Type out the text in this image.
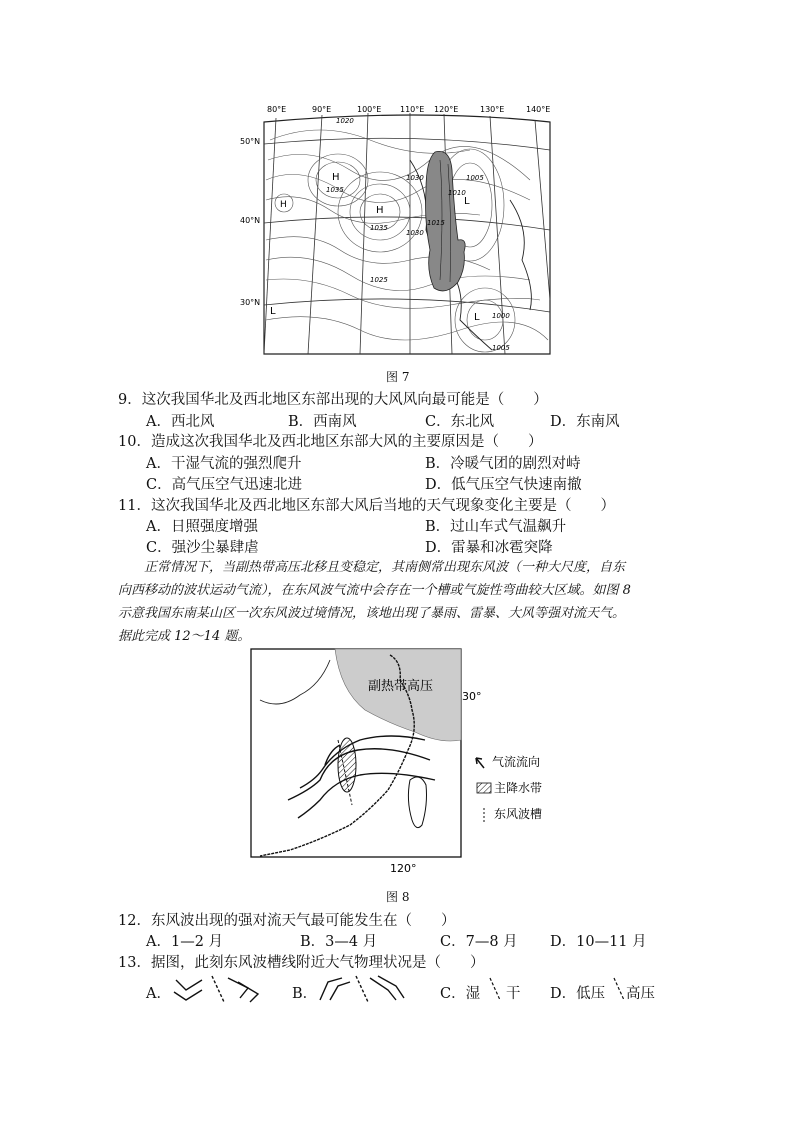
80°E	90°E	100°E 110°E 120°E	130°E	140°E
50°N
40°N
30°N
1020
1035
1035
1030
1025
1030
1015
1010
1005
1000
1005
H
H
H	L
L
L
图 7
9．这次我国华北及西北地区东部出现的大风风向最可能是（　　）
A．西北风	B．西南风	C．东北风	D．东南风
10．造成这次我国华北及西北地区东部大风的主要原因是（　　）
A．干湿气流的强烈爬升	B．冷暖气团的剧烈对峙
C．高气压空气迅速北进	D．低气压空气快速南撤
11．这次我国华北及西北地区东部大风后当地的天气现象变化主要是（　　）
A．日照强度增强	B．过山车式气温飙升
C．强沙尘暴肆虐	D．雷暴和冰雹突降
正常情况下，当副热带高压北移且变稳定，其南侧常出现东风波（一种大尺度，自东
向西移动的波状运动气流），在东风波气流中会存在一个槽或气旋性弯曲较大区域。如图 8
示意我国东南某山区一次东风波过境情况，该地出现了暴雨、雷暴、大风等强对流天气。
据此完成 12～14 题。
副热带高压
30°
120°
气流流向
主降水带
东风波槽
图 8
12．东风波出现的强对流天气最可能发生在（　　）
A．1—2 月	B．3—4 月	C．7—8 月 D．10—11 月
13．据图，此刻东风波槽线附近大气物理状况是（　　）
A．	B．	C．湿 干 D．低压 高压
